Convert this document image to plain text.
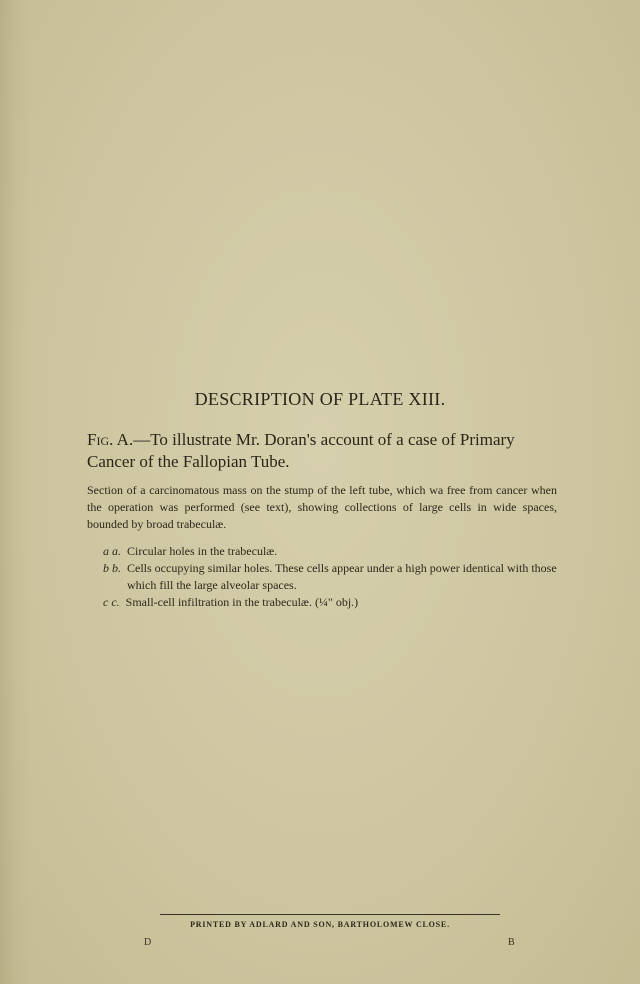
DESCRIPTION OF PLATE XIII.
Fig. A.—To illustrate Mr. Doran's account of a case of Primary Cancer of the Fallopian Tube.
Section of a carcinomatous mass on the stump of the left tube, which wa free from cancer when the operation was performed (see text), showing collections of large cells in wide spaces, bounded by broad trabeculæ.
a a. Circular holes in the trabeculæ.
b b. Cells occupying similar holes. These cells appear under a high power identical with those which fill the large alveolar spaces.
c c. Small-cell infiltration in the trabeculæ. (¼" obj.)
PRINTED BY ADLARD AND SON, BARTHOLOMEW CLOSE.
D	B
